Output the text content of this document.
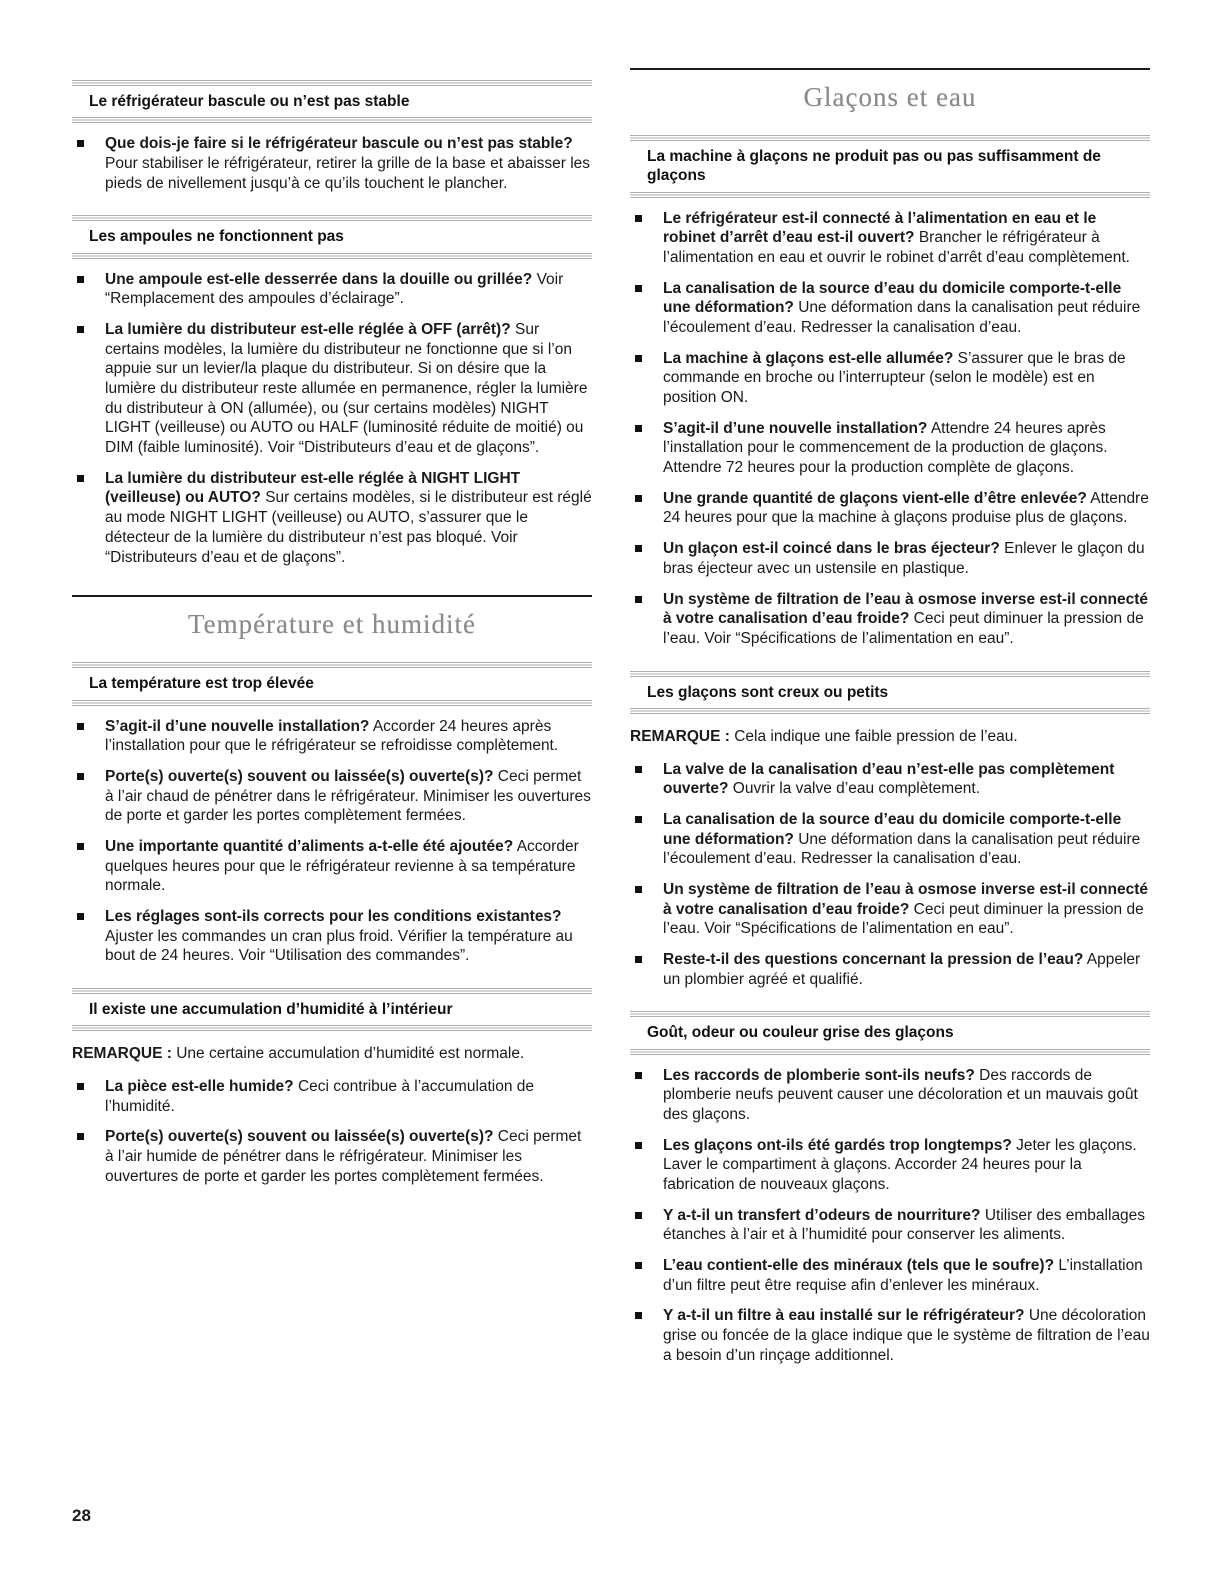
Le réfrigérateur bascule ou n’est pas stable
Que dois-je faire si le réfrigérateur bascule ou n’est pas stable? Pour stabiliser le réfrigérateur, retirer la grille de la base et abaisser les pieds de nivellement jusqu’à ce qu’ils touchent le plancher.
Les ampoules ne fonctionnent pas
Une ampoule est-elle desserrée dans la douille ou grillée? Voir “Remplacement des ampoules d’éclairage”.
La lumière du distributeur est-elle réglée à OFF (arrêt)? Sur certains modèles, la lumière du distributeur ne fonctionne que si l’on appuie sur un levier/la plaque du distributeur. Si on désire que la lumière du distributeur reste allumée en permanence, régler la lumière du distributeur à ON (allumée), ou (sur certains modèles) NIGHT LIGHT (veilleuse) ou AUTO ou HALF (luminosité réduite de moitié) ou DIM (faible luminosité). Voir “Distributeurs d’eau et de glaçons”.
La lumière du distributeur est-elle réglée à NIGHT LIGHT (veilleuse) ou AUTO? Sur certains modèles, si le distributeur est réglé au mode NIGHT LIGHT (veilleuse) ou AUTO, s’assurer que le détecteur de la lumière du distributeur n’est pas bloqué. Voir “Distributeurs d’eau et de glaçons”.
Température et humidité
La température est trop élevée
S’agit-il d’une nouvelle installation? Accorder 24 heures après l’installation pour que le réfrigérateur se refroidisse complètement.
Porte(s) ouverte(s) souvent ou laissée(s) ouverte(s)? Ceci permet à l’air chaud de pénétrer dans le réfrigérateur. Minimiser les ouvertures de porte et garder les portes complètement fermées.
Une importante quantité d’aliments a-t-elle été ajoutée? Accorder quelques heures pour que le réfrigérateur revienne à sa température normale.
Les réglages sont-ils corrects pour les conditions existantes? Ajuster les commandes un cran plus froid. Vérifier la température au bout de 24 heures. Voir “Utilisation des commandes”.
Il existe une accumulation d’humidité à l’intérieur
REMARQUE : Une certaine accumulation d’humidité est normale.
La pièce est-elle humide? Ceci contribue à l’accumulation de l’humidité.
Porte(s) ouverte(s) souvent ou laissée(s) ouverte(s)? Ceci permet à l’air humide de pénétrer dans le réfrigérateur. Minimiser les ouvertures de porte et garder les portes complètement fermées.
Glaçons et eau
La machine à glaçons ne produit pas ou pas suffisamment de glaçons
Le réfrigérateur est-il connecté à l’alimentation en eau et le robinet d’arrêt d’eau est-il ouvert? Brancher le réfrigérateur à l’alimentation en eau et ouvrir le robinet d’arrêt d’eau complètement.
La canalisation de la source d’eau du domicile comporte-t-elle une déformation? Une déformation dans la canalisation peut réduire l’écoulement d’eau. Redresser la canalisation d’eau.
La machine à glaçons est-elle allumée? S’assurer que le bras de commande en broche ou l’interrupteur (selon le modèle) est en position ON.
S’agit-il d’une nouvelle installation? Attendre 24 heures après l’installation pour le commencement de la production de glaçons. Attendre 72 heures pour la production complète de glaçons.
Une grande quantité de glaçons vient-elle d’être enlevée? Attendre 24 heures pour que la machine à glaçons produise plus de glaçons.
Un glaçon est-il coincé dans le bras éjecteur? Enlever le glaçon du bras éjecteur avec un ustensile en plastique.
Un système de filtration de l’eau à osmose inverse est-il connecté à votre canalisation d’eau froide? Ceci peut diminuer la pression de l’eau. Voir “Spécifications de l’alimentation en eau”.
Les glaçons sont creux ou petits
REMARQUE : Cela indique une faible pression de l’eau.
La valve de la canalisation d’eau n’est-elle pas complètement ouverte? Ouvrir la valve d’eau complètement.
La canalisation de la source d’eau du domicile comporte-t-elle une déformation? Une déformation dans la canalisation peut réduire l’écoulement d’eau. Redresser la canalisation d’eau.
Un système de filtration de l’eau à osmose inverse est-il connecté à votre canalisation d’eau froide? Ceci peut diminuer la pression de l’eau. Voir “Spécifications de l’alimentation en eau”.
Reste-t-il des questions concernant la pression de l’eau? Appeler un plombier agréé et qualifié.
Goût, odeur ou couleur grise des glaçons
Les raccords de plomberie sont-ils neufs? Des raccords de plomberie neufs peuvent causer une décoloration et un mauvais goût des glaçons.
Les glaçons ont-ils été gardés trop longtemps? Jeter les glaçons. Laver le compartiment à glaçons. Accorder 24 heures pour la fabrication de nouveaux glaçons.
Y a-t-il un transfert d’odeurs de nourriture? Utiliser des emballages étanches à l’air et à l’humidité pour conserver les aliments.
L’eau contient-elle des minéraux (tels que le soufre)? L’installation d’un filtre peut être requise afin d’enlever les minéraux.
Y a-t-il un filtre à eau installé sur le réfrigérateur? Une décoloration grise ou foncée de la glace indique que le système de filtration de l’eau a besoin d’un rinçage additionnel.
28
